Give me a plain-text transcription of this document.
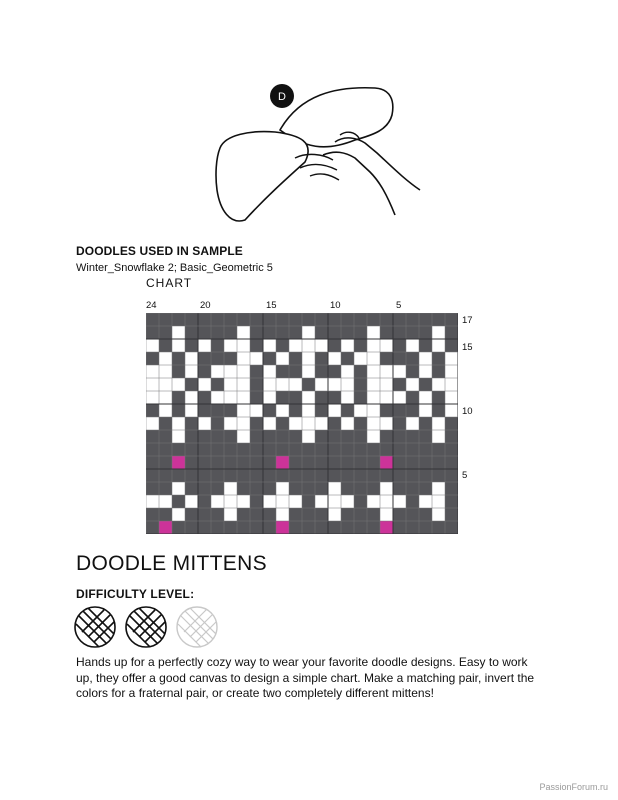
D
DOODLES USED IN SAMPLE
Winter_Snowflake 2; Basic_Geometric 5
CHART
24	20	15	10	5
17
15
10
5
DOODLE MITTENS
DIFFICULTY LEVEL:
Hands up for a perfectly cozy way to wear your favorite doodle designs. Easy to work up, they offer a good canvas to design a simple chart. Make a matching pair, invert the colors for a fraternal pair, or create two completely different mittens!
PassionForum.ru
